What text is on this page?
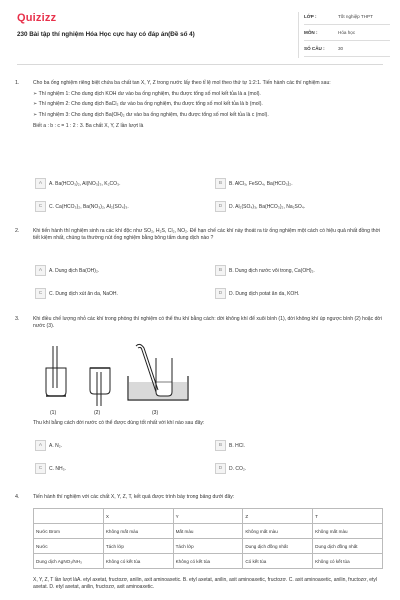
Quizizz
230 Bài tập thí nghiệm Hóa Học cực hay có đáp án(Đề số 4)
LỚP :	Tốt nghiệp THPT
MÔN :	Hóa học
SỐ CÂU :	30
1.	Cho ba ống nghiệm riêng biệt chứa ba chất tan X, Y, Z trong nước lấy theo tỉ lệ mol theo thứ tự 1:2:1. Tiến hành các thí nghiệm sau:

➢ Thí nghiệm 1: Cho dung dịch KOH dư vào ba ống nghiệm, thu được tổng số mol kết tủa là a (mol).

➢ Thí nghiệm 2: Cho dung dịch BaCl₂ dư vào ba ống nghiệm, thu được tổng số mol kết tủa là b (mol).

➢ Thí nghiệm 3: Cho dung dịch Ba(OH)₂ dư vào ba ống nghiệm, thu được tổng số mol kết tủa là c (mol).

Biết a : b : c = 1 : 2 : 3. Ba chất X, Y, Z lần lượt là

A	A. Ba(HCO₃)₂, Al(NO₃)₃, K₂CO₃.	B	B. AlCl₃, FeSO₄, Ba(HCO₃)₂.
C	C. Ca(HCO₃)₂, Ba(NO₃)₂, Al₂(SO₄)₃.	D	D. Al₂(SO₄)₃, Ba(HCO₃)₂, Na₂SO₄.
2.	Khi tiến hành thí nghiệm sinh ra các khí độc như SO₂, H₂S, Cl₂, NO₂. Để hạn chế các khí này thoát ra từ ống nghiệm một cách có hiệu quả nhất đồng thời tiết kiệm nhất, chúng ta thường nút ống nghiệm bằng bông tẩm dung dịch nào ?
A	A. Dung dịch Ba(OH)₂.	B	B. Dung dịch nước vôi trong, Ca(OH)₂.
C	C. Dung dịch xút ăn da, NaOH.	D	D. Dung dịch potat ăn da, KOH.
3.	Khi điều chế lượng nhỏ các khí trong phòng thí nghiệm có thể thu khí bằng cách: dời không khí để xuôi bình (1), dời không khí úp ngược bình (2) hoặc dời nước (3).
Thu khí bằng cách dời nước có thể được dùng tốt nhất với khí nào sau đây:
A	A. N₂.	B	B. HCl.
C	C. NH₃.	D	D. CO₂.
(1)	(2)	(3)
4.	Tiến hành thí nghiệm với các chất X, Y, Z, T, kết quả được trình bày trong bảng dưới đây:
	X	Y	Z	T
Nước Brom	Không mất màu	Mất màu	Không mất màu	Không mất màu
Nước	Tách lớp	Tách lớp	Dung dịch đồng nhất	Dung dịch đồng nhất
Dung dịch AgNO₃/NH₃	Không có kết tủa	Không có kết tủa	Có kết tủa	Không có kết tủa
X, Y, Z, T lần lượt làA. etyl axetat, fructozơ, anilin, axit aminoaxetic. B. etyl axetat, anilin, axit aminoaxetic, fructozơ. C. axit aminoaxetic, anilin, fructozơ, etyl axetat. D. etyl axetat, anilin, fructozơ, axit aminoaxetic.
